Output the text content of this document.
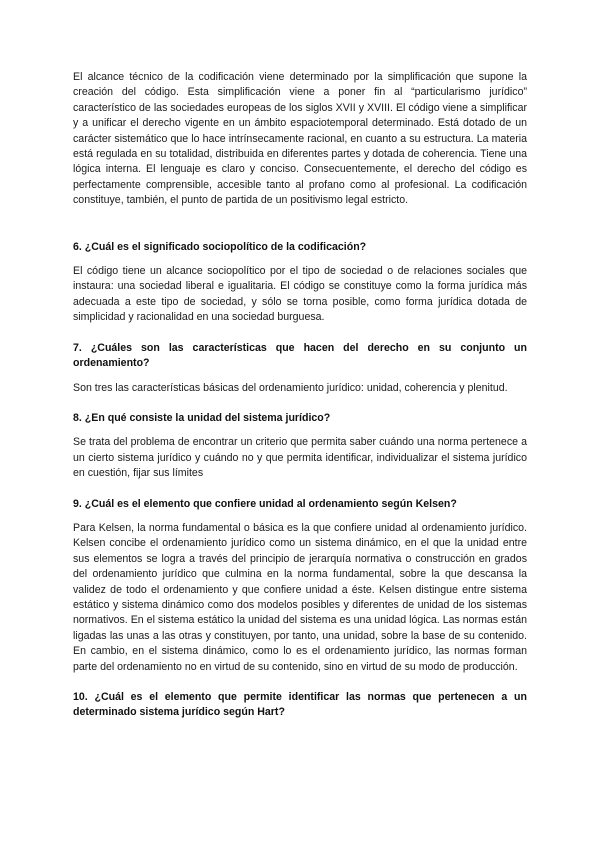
El alcance técnico de la codificación viene determinado por la simplificación que supone la creación del código. Esta simplificación viene a poner fin al “particularismo jurídico” característico de las sociedades europeas de los siglos XVII y XVIII. El código viene a simplificar y a unificar el derecho vigente en un ámbito espaciotemporal determinado. Está dotado de un carácter sistemático que lo hace intrínsecamente racional, en cuanto a su estructura. La materia está regulada en su totalidad, distribuida en diferentes partes y dotada de coherencia. Tiene una lógica interna. El lenguaje es claro y conciso. Consecuentemente, el derecho del código es perfectamente comprensible, accesible tanto al profano como al profesional. La codificación constituye, también, el punto de partida de un positivismo legal estricto.

6. ¿Cuál es el significado sociopolítico de la codificación?

El código tiene un alcance sociopolítico por el tipo de sociedad o de relaciones sociales que instaura: una sociedad liberal e igualitaria. El código se constituye como la forma jurídica más adecuada a este tipo de sociedad, y sólo se torna posible, como forma jurídica dotada de simplicidad y racionalidad en una sociedad burguesa.

7. ¿Cuáles son las características que hacen del derecho en su conjunto un ordenamiento?

Son tres las características básicas del ordenamiento jurídico: unidad, coherencia y plenitud.

8. ¿En qué consiste la unidad del sistema jurídico?

Se trata del problema de encontrar un criterio que permita saber cuándo una norma pertenece a un cierto sistema jurídico y cuándo no y que permita identificar, individualizar el sistema jurídico en cuestión, fijar sus límites

9. ¿Cuál es el elemento que confiere unidad al ordenamiento según Kelsen?

Para Kelsen, la norma fundamental o básica es la que confiere unidad al ordenamiento jurídico. Kelsen concibe el ordenamiento jurídico como un sistema dinámico, en el que la unidad entre sus elementos se logra a través del principio de jerarquía normativa o construcción en grados del ordenamiento jurídico que culmina en la norma fundamental, sobre la que descansa la validez de todo el ordenamiento y que confiere unidad a éste. Kelsen distingue entre sistema estático y sistema dinámico como dos modelos posibles y diferentes de unidad de los sistemas normativos. En el sistema estático la unidad del sistema es una unidad lógica. Las normas están ligadas las unas a las otras y constituyen, por tanto, una unidad, sobre la base de su contenido. En cambio, en el sistema dinámico, como lo es el ordenamiento jurídico, las normas forman parte del ordenamiento no en virtud de su contenido, sino en virtud de su modo de producción.

10. ¿Cuál es el elemento que permite identificar las normas que pertenecen a un determinado sistema jurídico según Hart?
